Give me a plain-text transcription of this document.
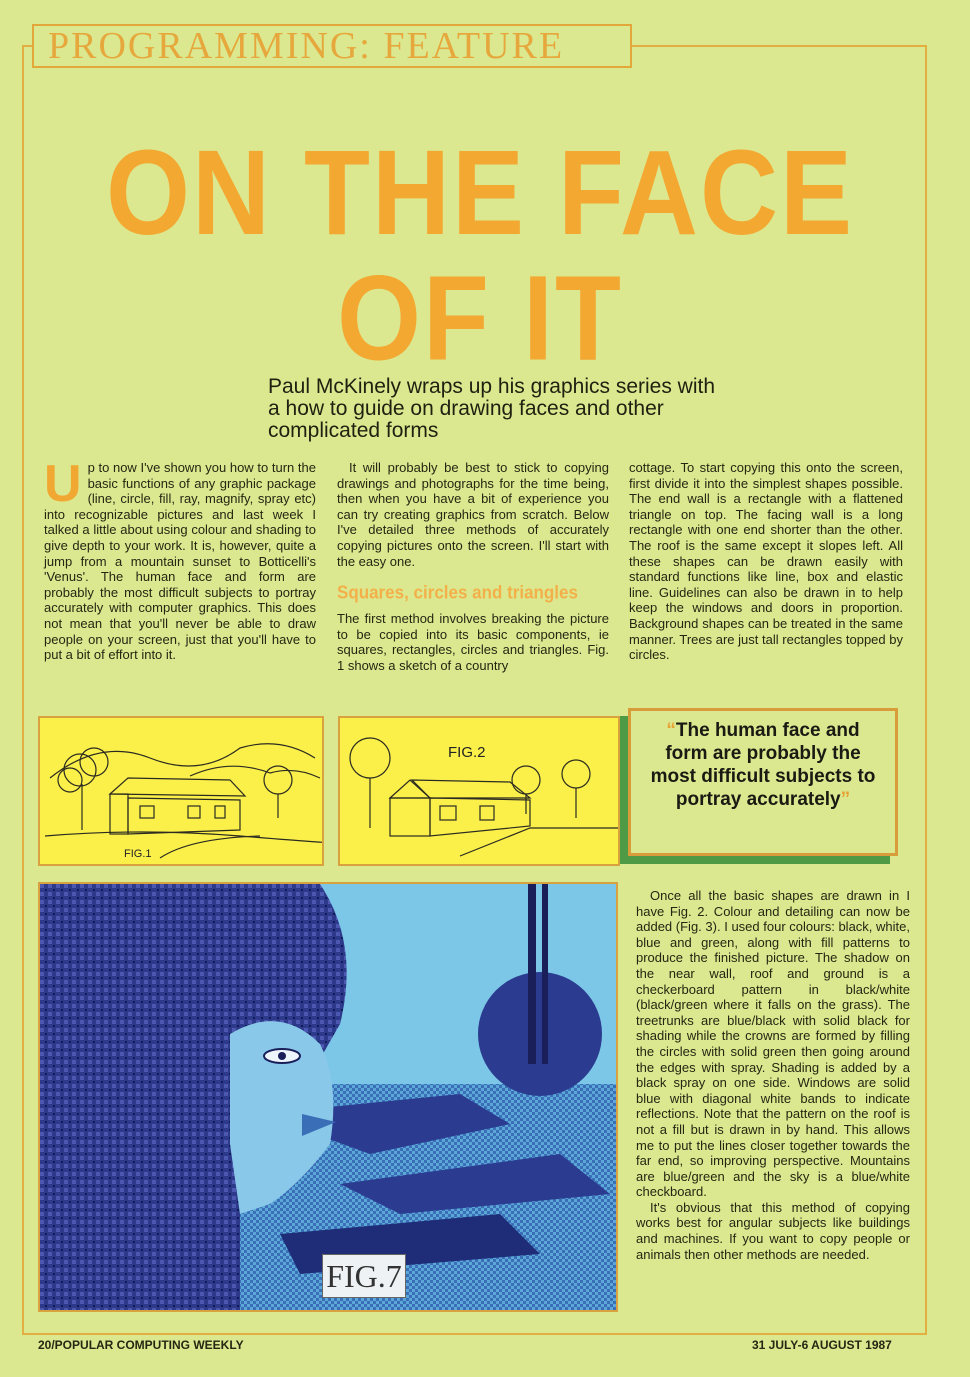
PROGRAMMING: FEATURE
ON THE FACE
OF IT
Paul McKinely wraps up his graphics series with a how to guide on drawing faces and other complicated forms

Up to now I've shown you how to turn the basic functions of any graphic package (line, circle, fill, ray, magnify, spray etc) into recognizable pictures and last week I talked a little about using colour and shading to give depth to your work. It is, however, quite a jump from a mountain sunset to Botticelli's 'Venus'. The human face and form are probably the most difficult subjects to portray accurately with computer graphics. This does not mean that you'll never be able to draw people on your screen, just that you'll have to put a bit of effort into it.

It will probably be best to stick to copying drawings and photographs for the time being, then when you have a bit of experience you can try creating graphics from scratch. Below I've detailed three methods of accurately copying pictures onto the screen. I'll start with the easy one.

Squares, circles and triangles

The first method involves breaking the picture to be copied into its basic components, ie squares, rectangles, circles and triangles. Fig. 1 shows a sketch of a country

cottage. To start copying this onto the screen, first divide it into the simplest shapes possible. The end wall is a rectangle with a flattened triangle on top. The facing wall is a long rectangle with one end shorter than the other. The roof is the same except it slopes left. All these shapes can be drawn easily with standard functions like line, box and elastic line. Guidelines can also be drawn in to help keep the windows and doors in proportion. Background shapes can be treated in the same manner. Trees are just tall rectangles topped by circles.

FIG.1
FIG.2
“The human face and form are probably the most difficult subjects to portray accurately”
FIG.7

Once all the basic shapes are drawn in I have Fig. 2. Colour and detailing can now be added (Fig. 3). I used four colours: black, white, blue and green, along with fill patterns to produce the finished picture. The shadow on the near wall, roof and ground is a checkerboard pattern in black/white (black/green where it falls on the grass). The treetrunks are blue/black with solid black for shading while the crowns are formed by filling the circles with solid green then going around the edges with spray. Shading is added by a black spray on one side. Windows are solid blue with diagonal white bands to indicate reflections. Note that the pattern on the roof is not a fill but is drawn in by hand. This allows me to put the lines closer together towards the far end, so improving perspective. Mountains are blue/green and the sky is a blue/white checkboard.

It's obvious that this method of copying works best for angular subjects like buildings and machines. If you want to copy people or animals then other methods are needed.

20/POPULAR COMPUTING WEEKLY	31 JULY-6 AUGUST 1987
